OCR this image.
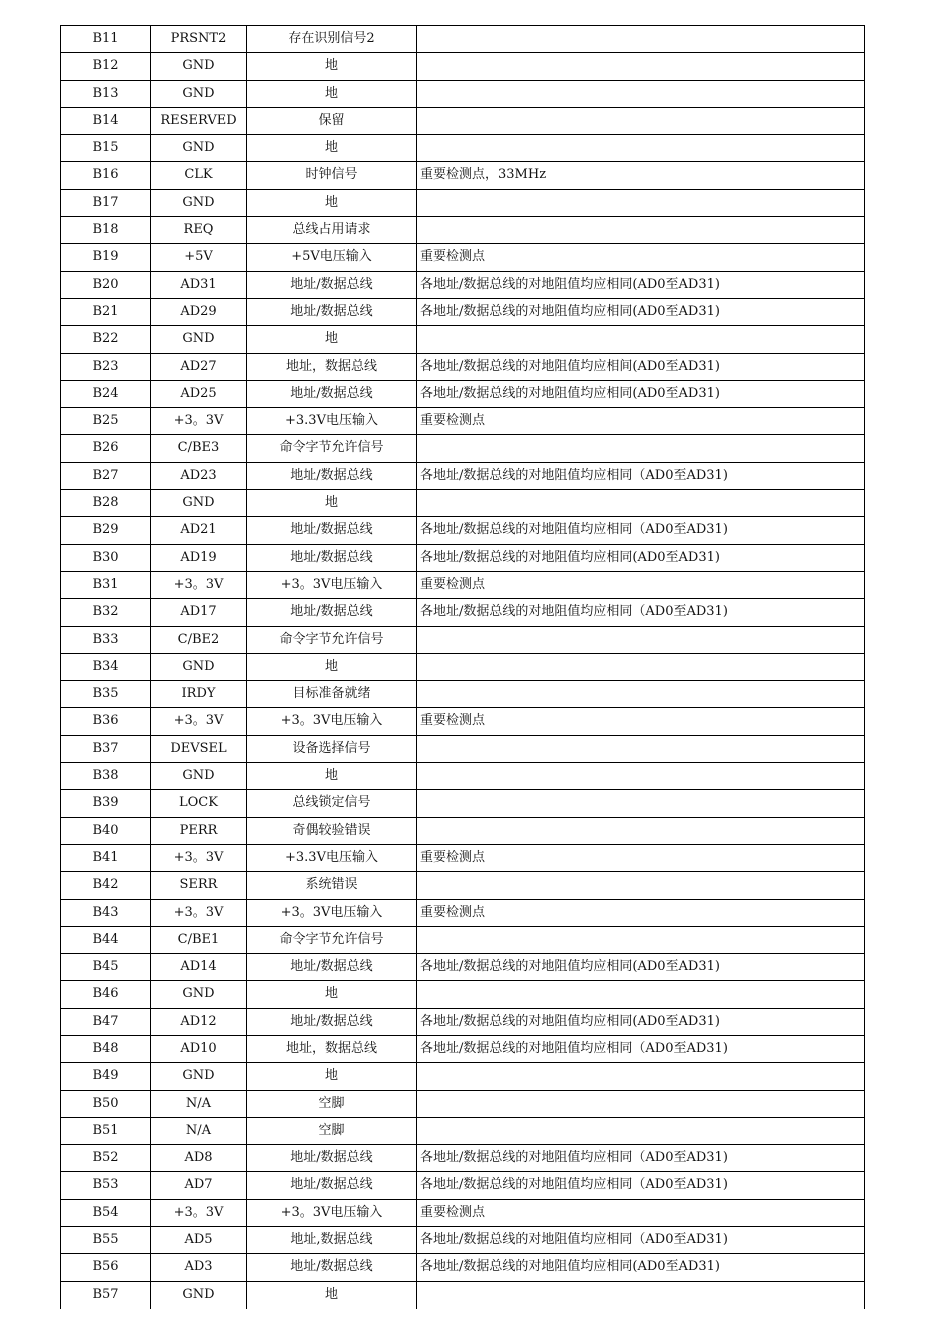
B11	PRSNT2	存在识别信号2
B12	GND	地
B13	GND	地
B14	RESERVED	保留
B15	GND	地
B16	CLK	时钟信号	重要检测点，33MHz
B17	GND	地
B18	REQ	总线占用请求
B19	+5V	+5V电压输入	重要检测点
B20	AD31	地址/数据总线	各地址/数据总线的对地阻值均应相同(AD0至AD31)
B21	AD29	地址/数据总线	各地址/数据总线的对地阻值均应相同(AD0至AD31)
B22	GND	地
B23	AD27	地址，数据总线	各地址/数据总线的对地阻值均应相间(AD0至AD31)
B24	AD25	地址/数据总线	各地址/数据总线的对地阻值均应相同(AD0至AD31)
B25	+3。3V	+3.3V电压输入	重要检测点
B26	C/BE3	命令字节允许信号
B27	AD23	地址/数据总线	各地址/数据总线的对地阻值均应相同（AD0至AD31)
B28	GND	地
B29	AD21	地址/数据总线	各地址/数据总线的对地阻值均应相同（AD0至AD31)
B30	AD19	地址/数据总线	各地址/数据总线的对地阻值均应相同(AD0至AD31)
B31	+3。3V	+3。3V电压输入	重要检测点
B32	AD17	地址/数据总线	各地址/数据总线的对地阻值均应相同（AD0至AD31)
B33	C/BE2	命令字节允许信号
B34	GND	地
B35	IRDY	目标准备就绪
B36	+3。3V	+3。3V电压输入	重要检测点
B37	DEVSEL	设备选择信号
B38	GND	地
B39	LOCK	总线锁定信号
B40	PERR	奇偶较验错误
B41	+3。3V	+3.3V电压输入	重要检测点
B42	SERR	系统错误
B43	+3。3V	+3。3V电压输入	重要检测点
B44	C/BE1	命令字节允许信号
B45	AD14	地址/数据总线	各地址/数据总线的对地阻值均应相同(AD0至AD31)
B46	GND	地
B47	AD12	地址/数据总线	各地址/数据总线的对地阻值均应相同(AD0至AD31)
B48	AD10	地址，数据总线	各地址/数据总线的对地阻值均应相同（AD0至AD31)
B49	GND	地
B50	N/A	空脚
B51	N/A	空脚
B52	AD8	地址/数据总线	各地址/数据总线的对地阻值均应相同（AD0至AD31)
B53	AD7	地址/数据总线	各地址/数据总线的对地阻值均应相同（AD0至AD31)
B54	+3。3V	+3。3V电压输入	重要检测点
B55	AD5	地址,数据总线	各地址/数据总线的对地阻值均应相同（AD0至AD31)
B56	AD3	地址/数据总线	各地址/数据总线的对地阻值均应相同(AD0至AD31)
B57	GND	地
